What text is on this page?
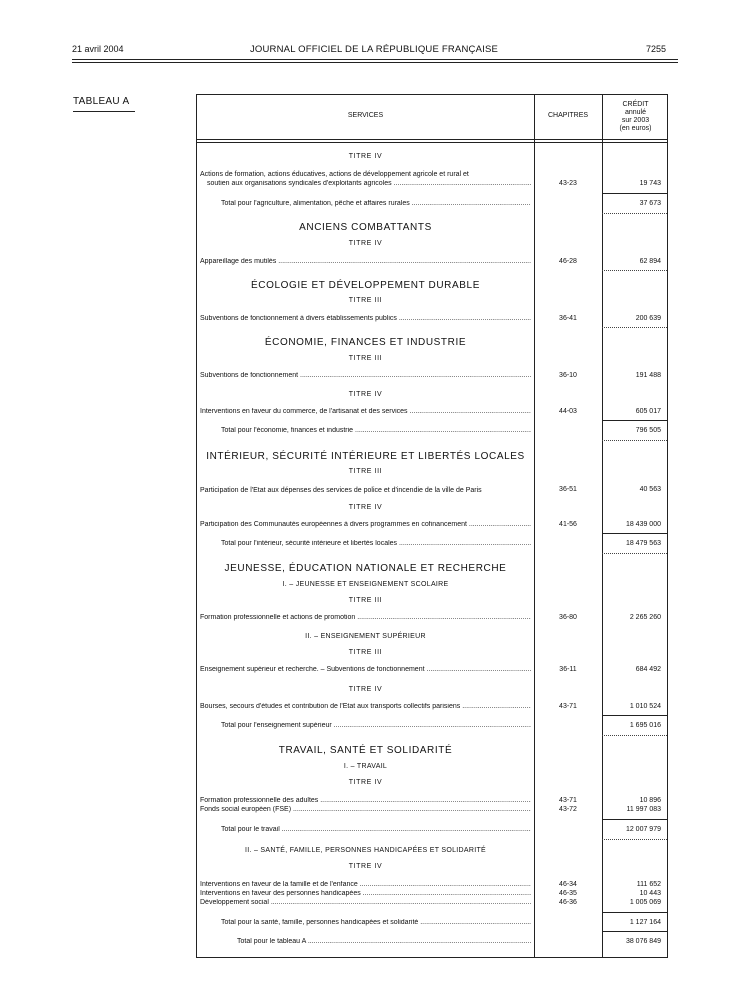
21 avril 2004	JOURNAL OFFICIEL DE LA RÉPUBLIQUE FRANÇAISE	7255
TABLEAU A
SERVICES	CHAPITRES
CRÉDIT
annulé
sur 2003
(en euros)
TITRE IV
Actions de formation, actions éducatives, actions de développement agricole et rural et
soutien aux organisations syndicales d'exploitants agricoles .....	43-23	19 743
Total pour l'agriculture, alimentation, pêche et affaires rurales .....	37 673
ANCIENS COMBATTANTS
TITRE IV
Appareillage des mutilés .....	46-28	62 894
ÉCOLOGIE ET DÉVELOPPEMENT DURABLE
TITRE III
Subventions de fonctionnement à divers établissements publics .....	36-41	200 639
ÉCONOMIE, FINANCES ET INDUSTRIE
TITRE III
Subventions de fonctionnement .....	36-10	191 488
TITRE IV
Interventions en faveur du commerce, de l'artisanat et des services .....	44-03	605 017
Total pour l'économie, finances et industrie .....	796 505
INTÉRIEUR, SÉCURITÉ INTÉRIEURE ET LIBERTÉS LOCALES
TITRE III
Participation de l'Etat aux dépenses des services de police et d'incendie de la ville de Paris	36-51	40 563
TITRE IV
Participation des Communautés européennes à divers programmes en cofinancement .....	41-56	18 439 000
Total pour l'intérieur, sécurité intérieure et libertés locales .....	18 479 563
JEUNESSE, ÉDUCATION NATIONALE ET RECHERCHE
I. – JEUNESSE ET ENSEIGNEMENT SCOLAIRE
TITRE III
Formation professionnelle et actions de promotion .....	36-80	2 265 260
II. – ENSEIGNEMENT SUPÉRIEUR
TITRE III
Enseignement supérieur et recherche. – Subventions de fonctionnement .....	36-11	684 492
TITRE IV
Bourses, secours d'études et contribution de l'Etat aux transports collectifs parisiens .....	43-71	1 010 524
Total pour l'enseignement supérieur .....	1 695 016
TRAVAIL, SANTÉ ET SOLIDARITÉ
I. – TRAVAIL
TITRE IV
Formation professionnelle des adultes .....	43-71	10 896
Fonds social européen (FSE) .....	43-72	11 997 083
Total pour le travail .....	12 007 979
II. – SANTÉ, FAMILLE, PERSONNES HANDICAPÉES ET SOLIDARITÉ
TITRE IV
Interventions en faveur de la famille et de l'enfance .....	46-34	111 652
Interventions en faveur des personnes handicapées .....	46-35	10 443
Développement social .....	46-36	1 005 069
Total pour la santé, famille, personnes handicapées et solidarité .....	1 127 164
Total pour le tableau A .....	38 076 849
